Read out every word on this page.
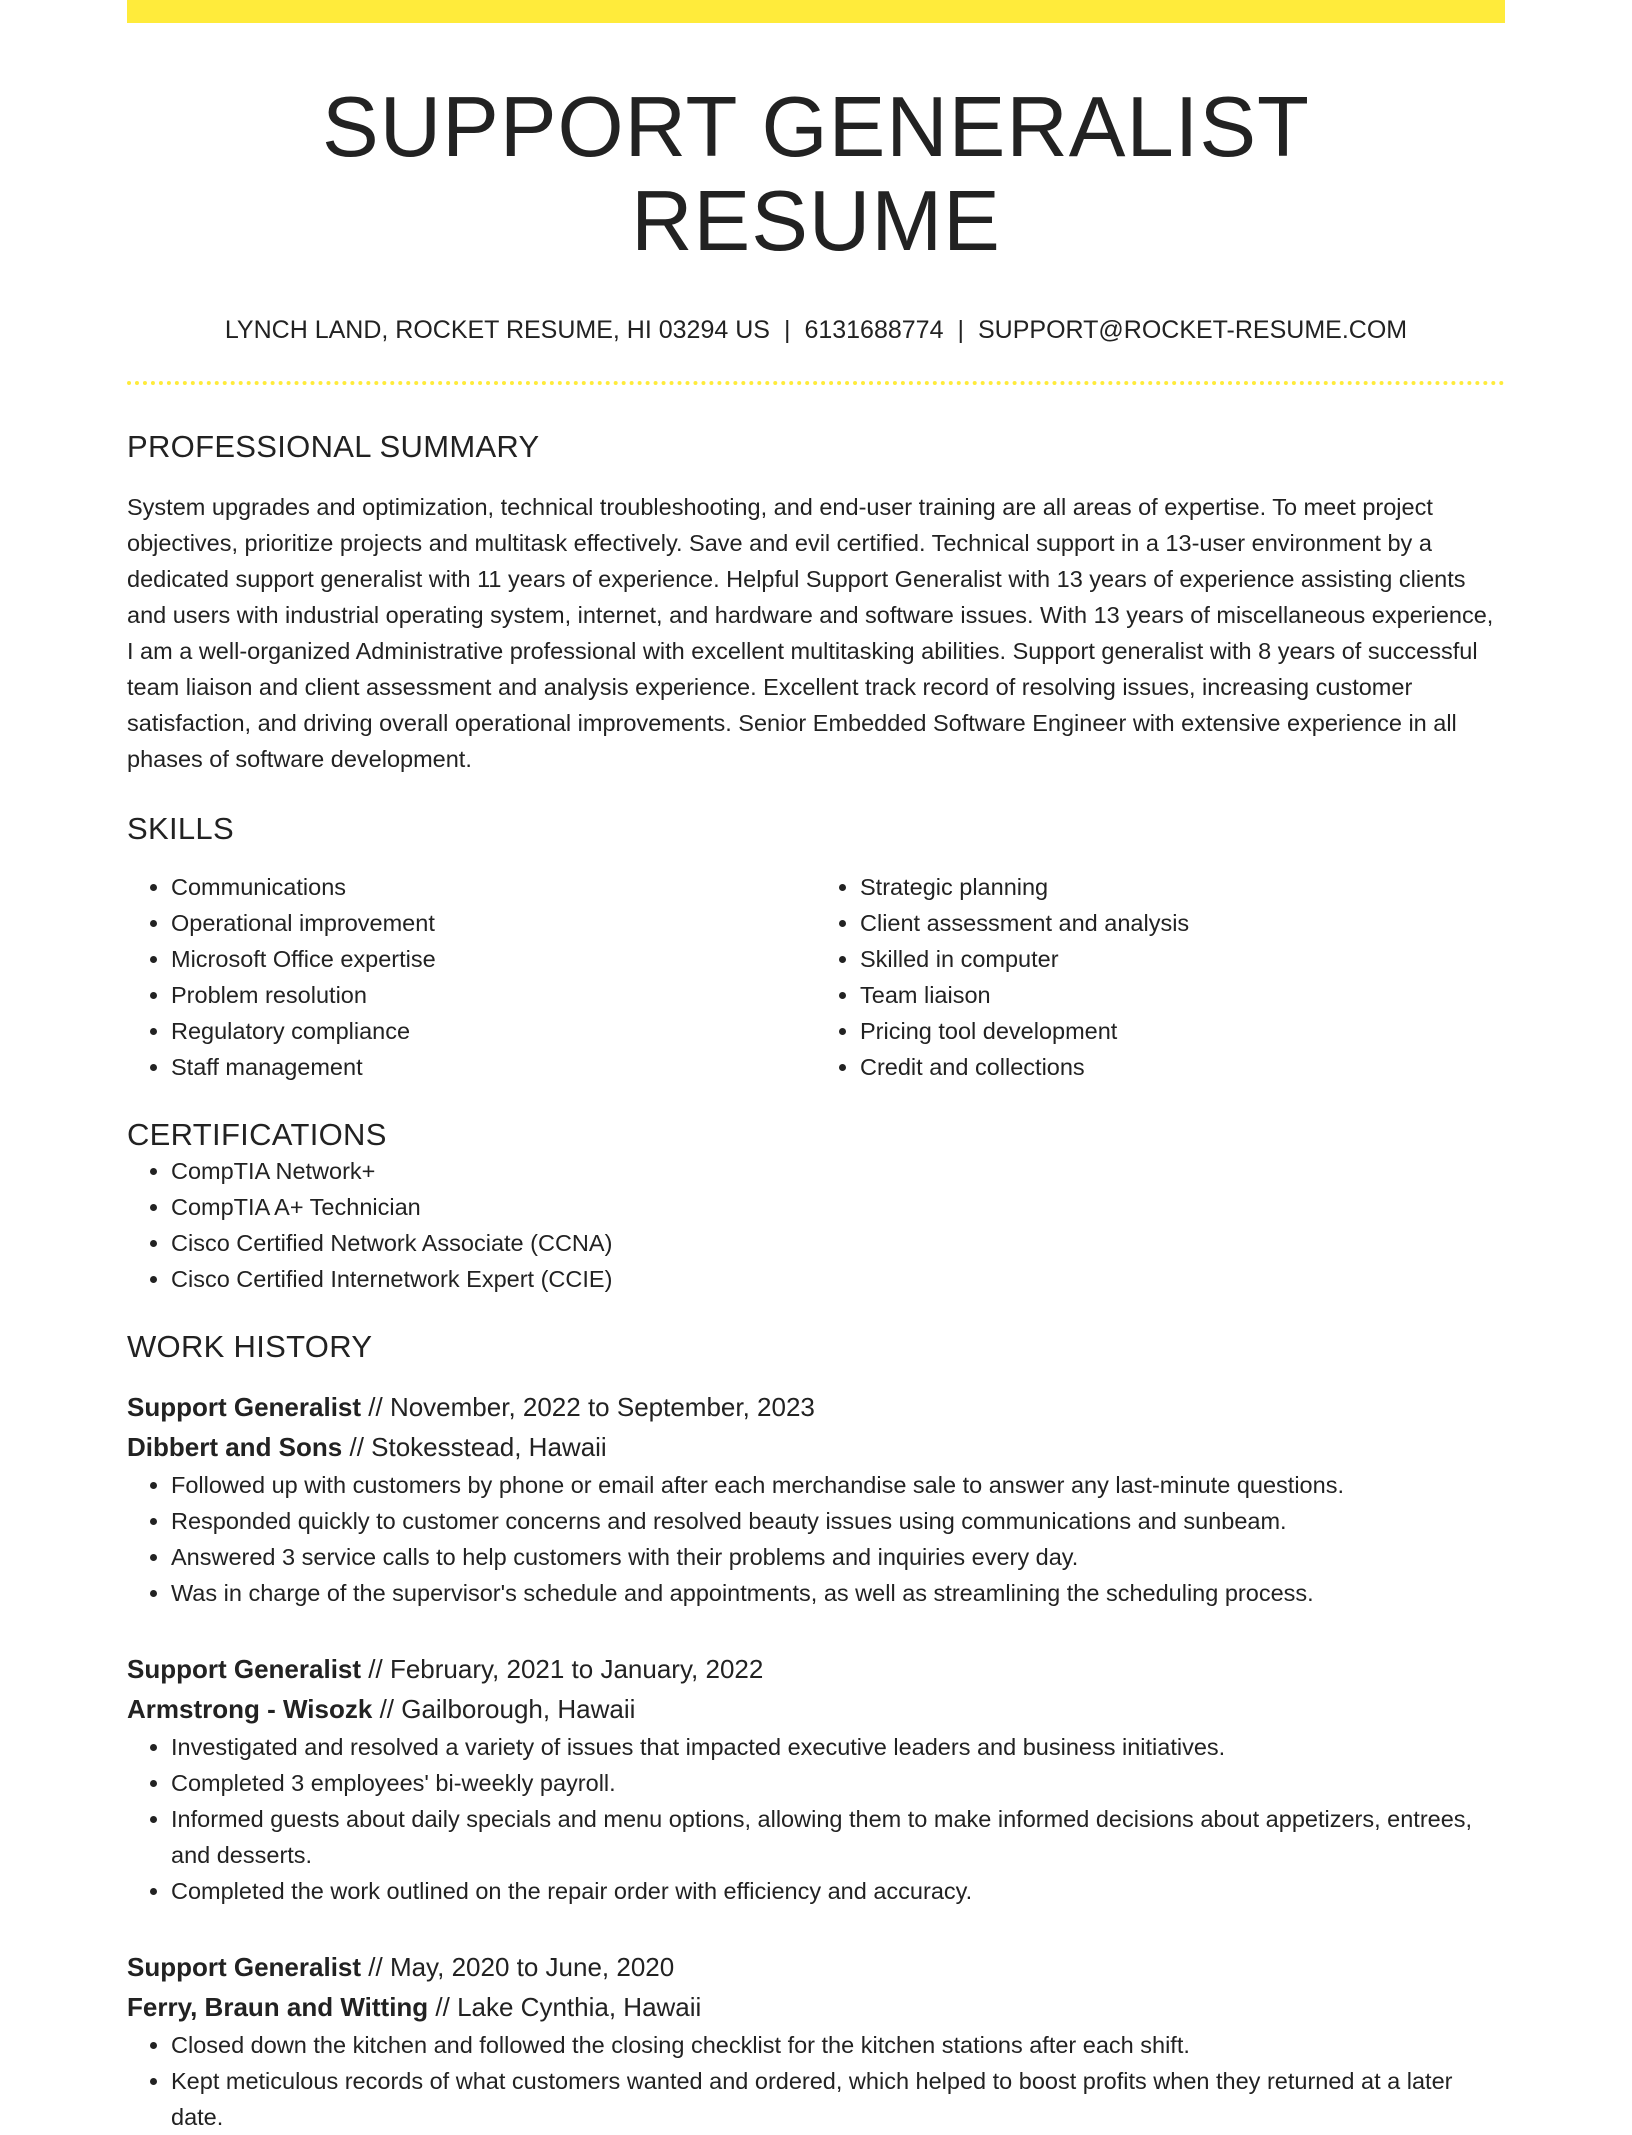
SUPPORT GENERALIST RESUME
LYNCH LAND, ROCKET RESUME, HI 03294 US | 6131688774 | SUPPORT@ROCKET-RESUME.COM
PROFESSIONAL SUMMARY

System upgrades and optimization, technical troubleshooting, and end-user training are all areas of expertise. To meet project objectives, prioritize projects and multitask effectively. Save and evil certified. Technical support in a 13-user environment by a dedicated support generalist with 11 years of experience. Helpful Support Generalist with 13 years of experience assisting clients and users with industrial operating system, internet, and hardware and software issues. With 13 years of miscellaneous experience, I am a well-organized Administrative professional with excellent multitasking abilities. Support generalist with 8 years of successful team liaison and client assessment and analysis experience. Excellent track record of resolving issues, increasing customer satisfaction, and driving overall operational improvements. Senior Embedded Software Engineer with extensive experience in all phases of software development.

SKILLS
• Communications
• Operational improvement
• Microsoft Office expertise
• Problem resolution
• Regulatory compliance
• Staff management
• Strategic planning
• Client assessment and analysis
• Skilled in computer
• Team liaison
• Pricing tool development
• Credit and collections
CERTIFICATIONS
• CompTIA Network+
• CompTIA A+ Technician
• Cisco Certified Network Associate (CCNA)
• Cisco Certified Internetwork Expert (CCIE)
WORK HISTORY
Support Generalist // November, 2022 to September, 2023
Dibbert and Sons // Stokesstead, Hawaii
• Followed up with customers by phone or email after each merchandise sale to answer any last-minute questions.
• Responded quickly to customer concerns and resolved beauty issues using communications and sunbeam.
• Answered 3 service calls to help customers with their problems and inquiries every day.
• Was in charge of the supervisor's schedule and appointments, as well as streamlining the scheduling process.
Support Generalist // February, 2021 to January, 2022
Armstrong - Wisozk // Gailborough, Hawaii
• Investigated and resolved a variety of issues that impacted executive leaders and business initiatives.
• Completed 3 employees' bi-weekly payroll.
• Informed guests about daily specials and menu options, allowing them to make informed decisions about appetizers, entrees, and desserts.
• Completed the work outlined on the repair order with efficiency and accuracy.
Support Generalist // May, 2020 to June, 2020
Ferry, Braun and Witting // Lake Cynthia, Hawaii
• Closed down the kitchen and followed the closing checklist for the kitchen stations after each shift.
• Kept meticulous records of what customers wanted and ordered, which helped to boost profits when they returned at a later date.
